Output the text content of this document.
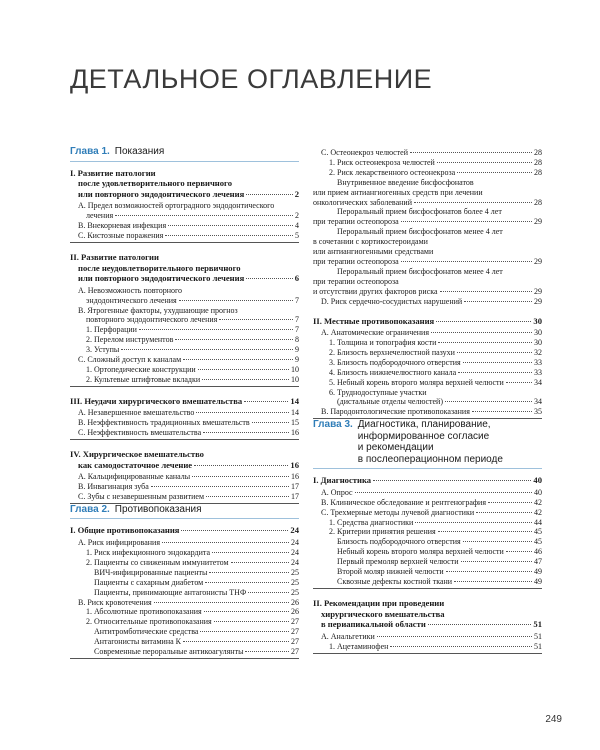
ДЕТАЛЬНОЕ ОГЛАВЛЕНИЕ
Глава 1. Показания
I. Развитие патологии
после удовлетворительного первичного
или повторного эндодонтического лечения	2
A. Предел возможностей ортоградного эндодонтического
лечения	2
B. Внекорневая инфекция	4
C. Кистозные поражения	5
II. Развитие патологии
после неудовлетворительного первичного
или повторного эндодонтического лечения	6
A. Невозможность повторного
эндодонтического лечения	7
B. Ятрогенные факторы, ухудшающие прогноз
повторного эндодонтического лечения	7
1. Перфорации	7
2. Перелом инструментов	8
3. Уступы	9
C. Сложный доступ к каналам	9
1. Ортопедические конструкции	10
2. Культевые штифтовые вкладки	10
III. Неудачи хирургического вмешательства	14
A. Незавершенное вмешательство	14
B. Неэффективность традиционных вмешательств	15
C. Неэффективность вмешательства	16
IV. Хирургическое вмешательство
как самодостаточное лечение	16
A. Кальцифицированные каналы	16
B. Инвагинация зуба	17
C. Зубы с незавершенным развитием	17
Глава 2. Противопоказания
I. Общие противопоказания	24
A. Риск инфицирования	24
1. Риск инфекционного эндокардита	24
2. Пациенты со сниженным иммунитетом	24
ВИЧ-инфицированные пациенты	25
Пациенты с сахарным диабетом	25
Пациенты, принимающие антагонисты ТНФ	25
B. Риск кровотечения	26
1. Абсолютные противопоказания	26
2. Относительные противопоказания	27
Антитромботические средства	27
Антагонисты витамина К	27
Современные пероральные антикоагулянты	27
C. Остеонекроз челюстей	28
1. Риск остеонекроза челюстей	28
2. Риск лекарственного остеонекроза	28
Внутривенное введение бисфосфонатов
или прием антиангиогенных средств при лечении
онкологических заболеваний	28
Пероральный прием бисфосфонатов более 4 лет
при терапии остеопороза	29
Пероральный прием бисфосфонатов менее 4 лет
в сочетании с кортикостероидами
или антиангиогенными средствами
при терапии остеопороза	29
Пероральный прием бисфосфонатов менее 4 лет
при терапии остеопороза
и отсутствии других факторов риска	29
D. Риск сердечно-сосудистых нарушений	29
II. Местные противопоказания	30
A. Анатомические ограничения	30
1. Толщина и топография кости	30
2. Близость верхнечелюстной пазухи	32
3. Близость подбородочного отверстия	33
4. Близость нижнечелюстного канала	33
5. Небный корень второго моляра верхней челюсти	34
6. Труднодоступные участки
(дистальные отделы челюстей)	34
B. Пародонтологические противопоказания	35
Глава 3. Диагностика, планирование,
информированное согласие
и рекомендации
в послеоперационном периоде
I. Диагностика	40
A. Опрос	40
B. Клиническое обследование и рентгенография	42
C. Трехмерные методы лучевой диагностики	42
1. Средства диагностики	44
2. Критерии принятия решения	45
Близость подбородочного отверстия	45
Небный корень второго моляра верхней челюсти	46
Первый премоляр верхней челюсти	47
Второй моляр нижней челюсти	49
Сквозные дефекты костной ткани	49
II. Рекомендации при проведении
хирургического вмешательства
в периапикальной области	51
A. Анальгетики	51
1. Ацетаминофен	51
249
